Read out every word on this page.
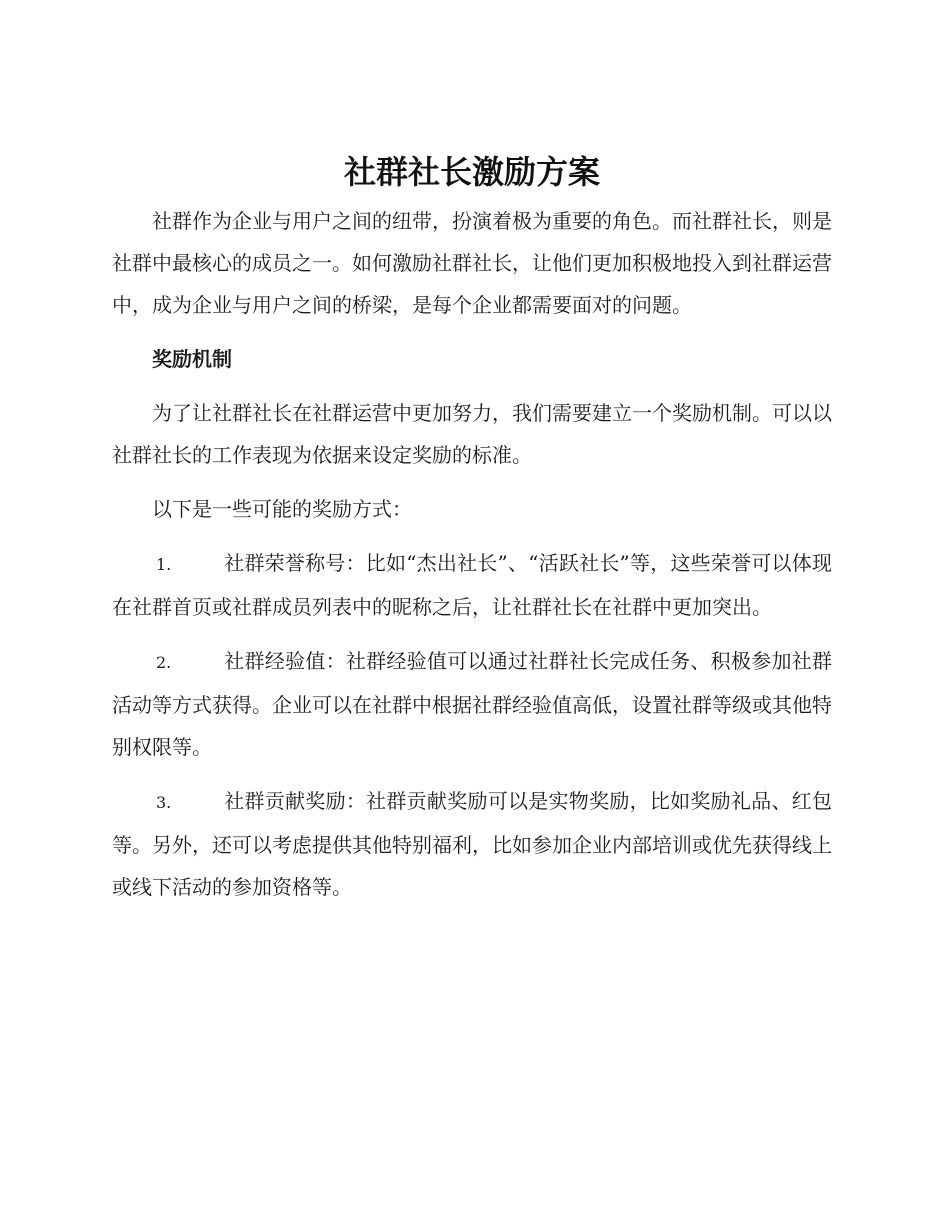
社群社长激励方案

社群作为企业与用户之间的纽带，扮演着极为重要的角色。而社群社长，则是社群中最核心的成员之一。如何激励社群社长，让他们更加积极地投入到社群运营中，成为企业与用户之间的桥梁，是每个企业都需要面对的问题。

奖励机制

为了让社群社长在社群运营中更加努力，我们需要建立一个奖励机制。可以以社群社长的工作表现为依据来设定奖励的标准。

以下是一些可能的奖励方式：

1.	社群荣誉称号：比如“杰出社长”、“活跃社长”等，这些荣誉可以体现在社群首页或社群成员列表中的昵称之后，让社群社长在社群中更加突出。
2.	社群经验值：社群经验值可以通过社群社长完成任务、积极参加社群活动等方式获得。企业可以在社群中根据社群经验值高低，设置社群等级或其他特别权限等。
3.	社群贡献奖励：社群贡献奖励可以是实物奖励，比如奖励礼品、红包等。另外，还可以考虑提供其他特别福利，比如参加企业内部培训或优先获得线上或线下活动的参加资格等。
